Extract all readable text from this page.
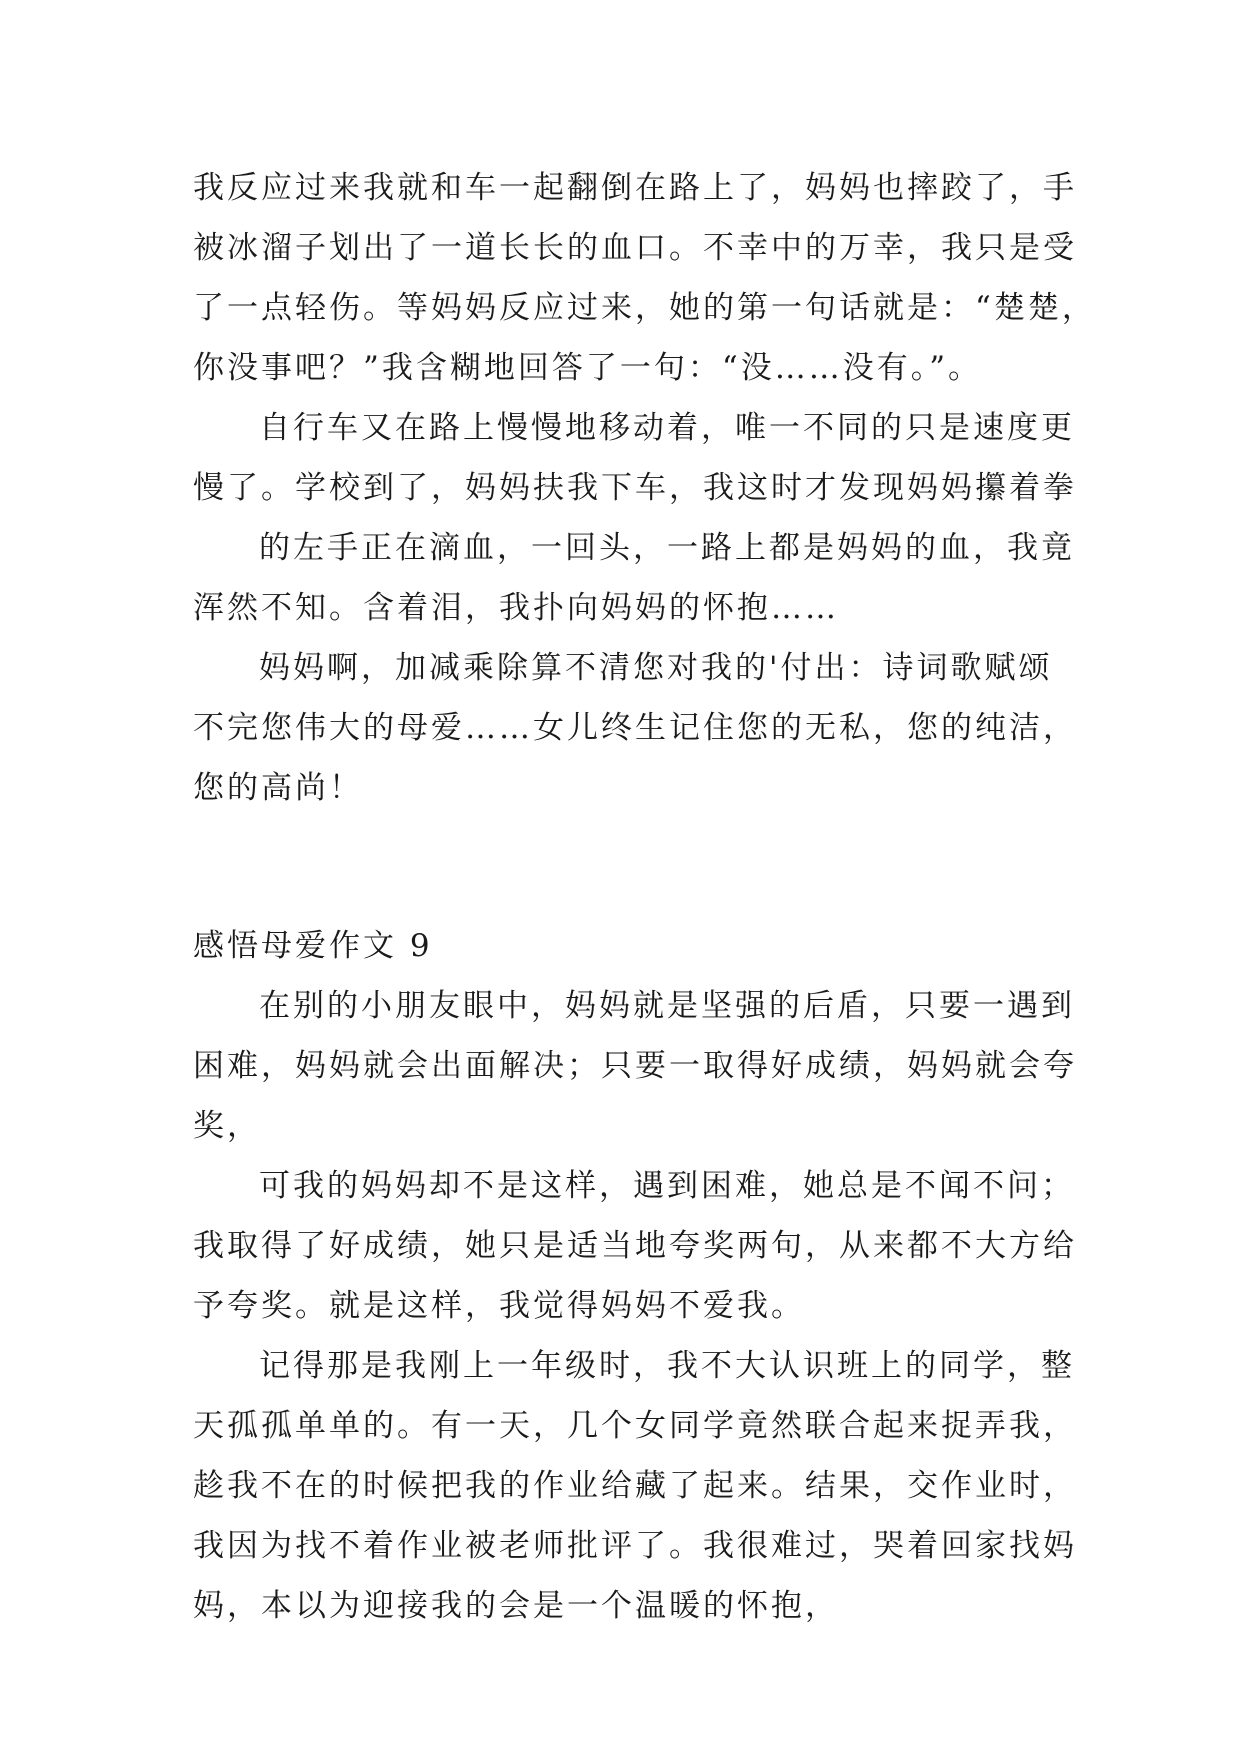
我反应过来我就和车一起翻倒在路上了，妈妈也摔跤了，手
被冰溜子划出了一道长长的血口。不幸中的万幸，我只是受
了一点轻伤。等妈妈反应过来，她的第一句话就是：“楚楚，
你没事吧？”我含糊地回答了一句：“没……没有。”。
自行车又在路上慢慢地移动着，唯一不同的只是速度更
慢了。学校到了，妈妈扶我下车，我这时才发现妈妈攥着拳
的左手正在滴血，一回头，一路上都是妈妈的血，我竟
浑然不知。含着泪，我扑向妈妈的怀抱……
妈妈啊，加减乘除算不清您对我的'付出：诗词歌赋颂
不完您伟大的母爱……女儿终生记住您的无私，您的纯洁，
您的高尚！
感悟母爱作文 9
在别的小朋友眼中，妈妈就是坚强的后盾，只要一遇到
困难，妈妈就会出面解决；只要一取得好成绩，妈妈就会夸
奖，
可我的妈妈却不是这样，遇到困难，她总是不闻不问；
我取得了好成绩，她只是适当地夸奖两句，从来都不大方给
予夸奖。就是这样，我觉得妈妈不爱我。
记得那是我刚上一年级时，我不大认识班上的同学，整
天孤孤单单的。有一天，几个女同学竟然联合起来捉弄我，
趁我不在的时候把我的作业给藏了起来。结果，交作业时，
我因为找不着作业被老师批评了。我很难过，哭着回家找妈
妈，本以为迎接我的会是一个温暖的怀抱，
